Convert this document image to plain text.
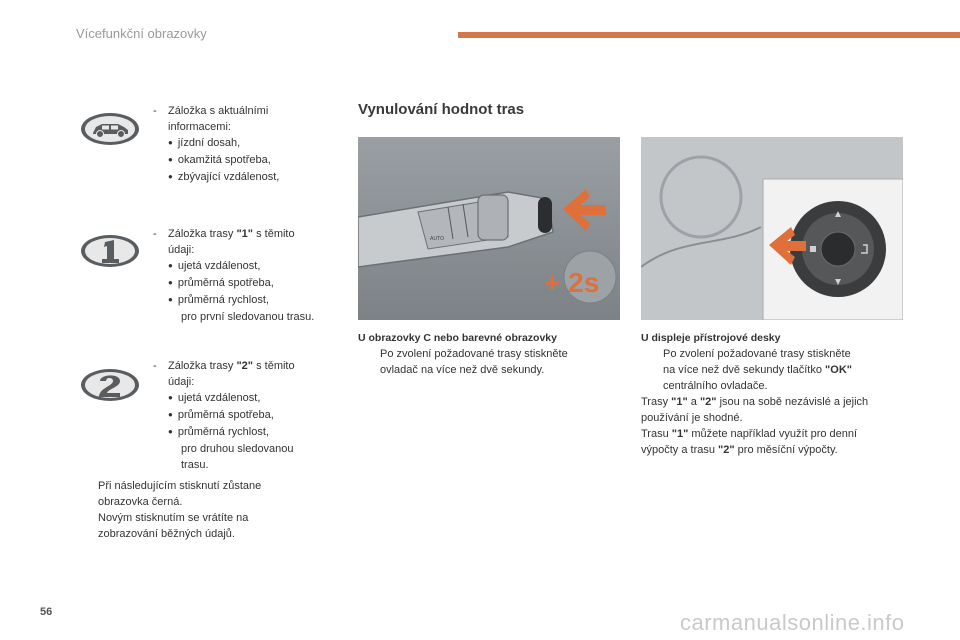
Vícefunkční obrazovky
-	Záložka s aktuálními
informacemi:
● jízdní dosah,
● okamžitá spotřeba,
● zbývající vzdálenost,
-	Záložka trasy "1" s těmito
údaji:
● ujetá vzdálenost,
● průměrná spotřeba,
● průměrná rychlost,
pro první sledovanou trasu.
-	Záložka trasy "2" s těmito
údaji:
● ujetá vzdálenost,
● průměrná spotřeba,
● průměrná rychlost,
pro druhou sledovanou
trasu.
Při následujícím stisknutí zůstane
obrazovka černá.
Novým stisknutím se vrátíte na
zobrazování běžných údajů.
Vynulování hodnot tras
AUTO
+ 2s
U obrazovky C nebo barevné obrazovky
Po zvolení požadované trasy stiskněte
ovladač na více než dvě sekundy.
U displeje přístrojové desky
Po zvolení požadované trasy stiskněte
na více než dvě sekundy tlačítko "OK"
centrálního ovladače.
Trasy "1" a "2" jsou na sobě nezávislé a jejich
používání je shodné.
Trasu "1" můžete například využít pro denní
výpočty a trasu "2" pro měsíční výpočty.
56	carmanualsonline.info
